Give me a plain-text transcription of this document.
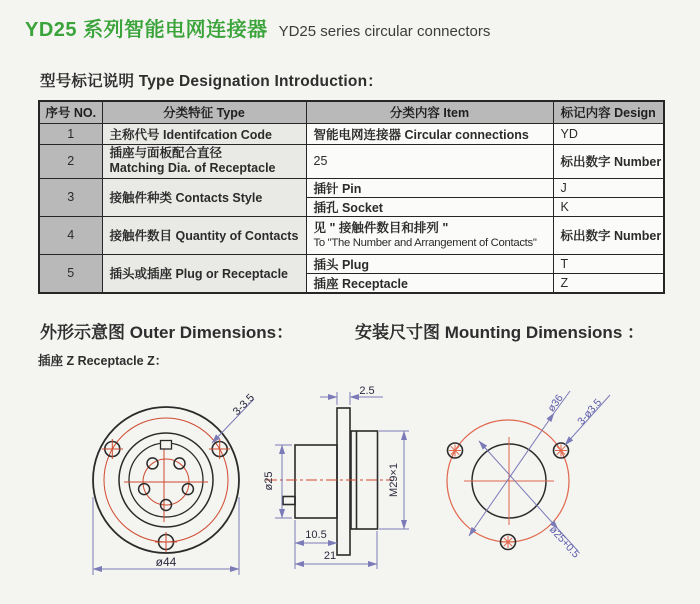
YD25 系列智能电网连接器 YD25 series circular connectors
型号标记说明 Type Designation Introduction：
序号 NO.	分类特征 Type	分类内容 Item	标记内容 Design
1	主称代号 Identifcation Code	智能电网连接器 Circular connections	YD
2	插座与面板配合直径
Matching Dia. of Receptacle	25	标出数字 Number
3	接触件种类 Contacts Style	插针 Pin	J
		插孔 Socket	K
4	接触件数目 Quantity of Contacts	见 " 接触件数目和排列 "
To "The Number and Arrangement of Contacts"	标出数字 Number
5	插头或插座 Plug or Receptacle	插头 Plug	T
		插座 Receptacle	Z
外形示意图 Outer Dimensions：	安装尺寸图 Mounting Dimensions ：
插座 Z Receptacle Z：
3-3.5
ø44
2.5
ø25	M29×1
10.5
21
ø36 3-ø3.5
ø25+0.5
